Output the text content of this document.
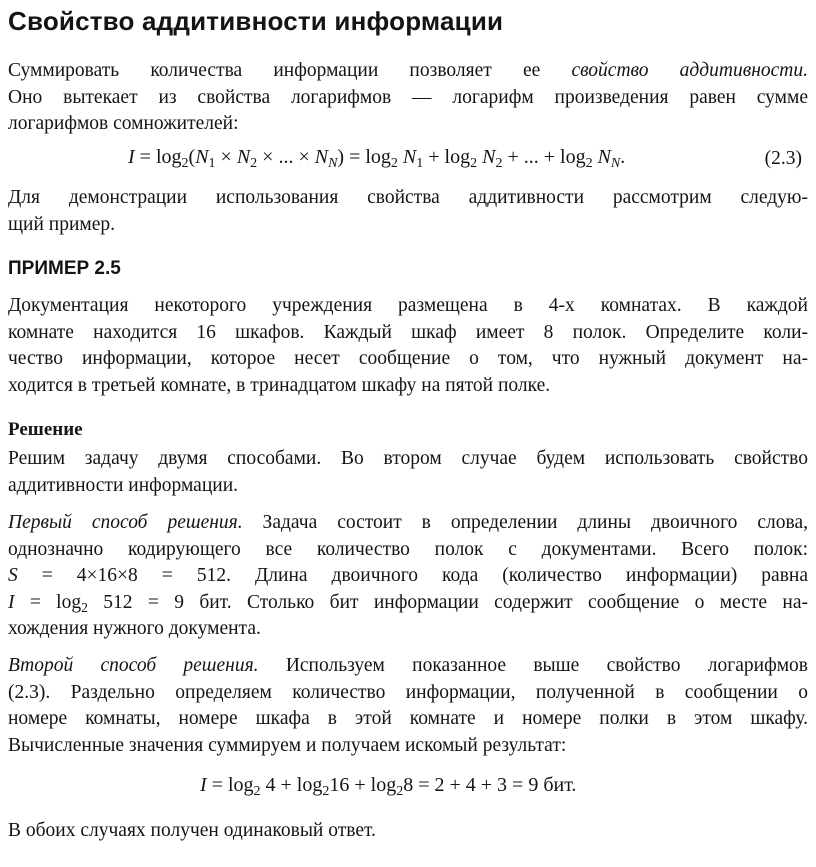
Свойство аддитивности информации
Суммировать количества информации позволяет ее свойство аддитивности.
Оно вытекает из свойства логарифмов — логарифм произведения равен сумме
логарифмов сомножителей:
$I = \log_2(N_1 \times N_2$ × ... × $N_N) = \log_2 N_1 + \log_2 N_2$ + ... + $\log_2 N_N$.	(2.3)
Для демонстрации использования свойства аддитивности рассмотрим следую-
щий пример.
ПРИМЕР 2.5
Документация некоторого учреждения размещена в 4-х комнатах. В каждой
комнате находится 16 шкафов. Каждый шкаф имеет 8 полок. Определите коли-
чество информации, которое несет сообщение о том, что нужный документ на-
ходится в третьей комнате, в тринадцатом шкафу на пятой полке.
Решение
Решим задачу двумя способами. Во втором случае будем использовать свойство
аддитивности информации.
Первый способ решения. Задача состоит в определении длины двоичного слова,
однозначно кодирующего все количество полок с документами. Всего полок:
S = 4×16×8 = 512. Длина двоичного кода (количество информации) равна
$I = \log_2 512 = 9$ бит. Столько бит информации содержит сообщение о месте на-
хождения нужного документа.
Второй способ решения. Используем показанное выше свойство логарифмов
(2.3). Раздельно определяем количество информации, полученной в сообщении о
номере комнаты, номере шкафа в этой комнате и номере полки в этом шкафу.
Вычисленные значения суммируем и получаем искомый результат:
$I = \log_2 4 + \log_216 + \log_28 = 2 + 4 + 3 = 9$ бит.
В обоих случаях получен одинаковый ответ.
